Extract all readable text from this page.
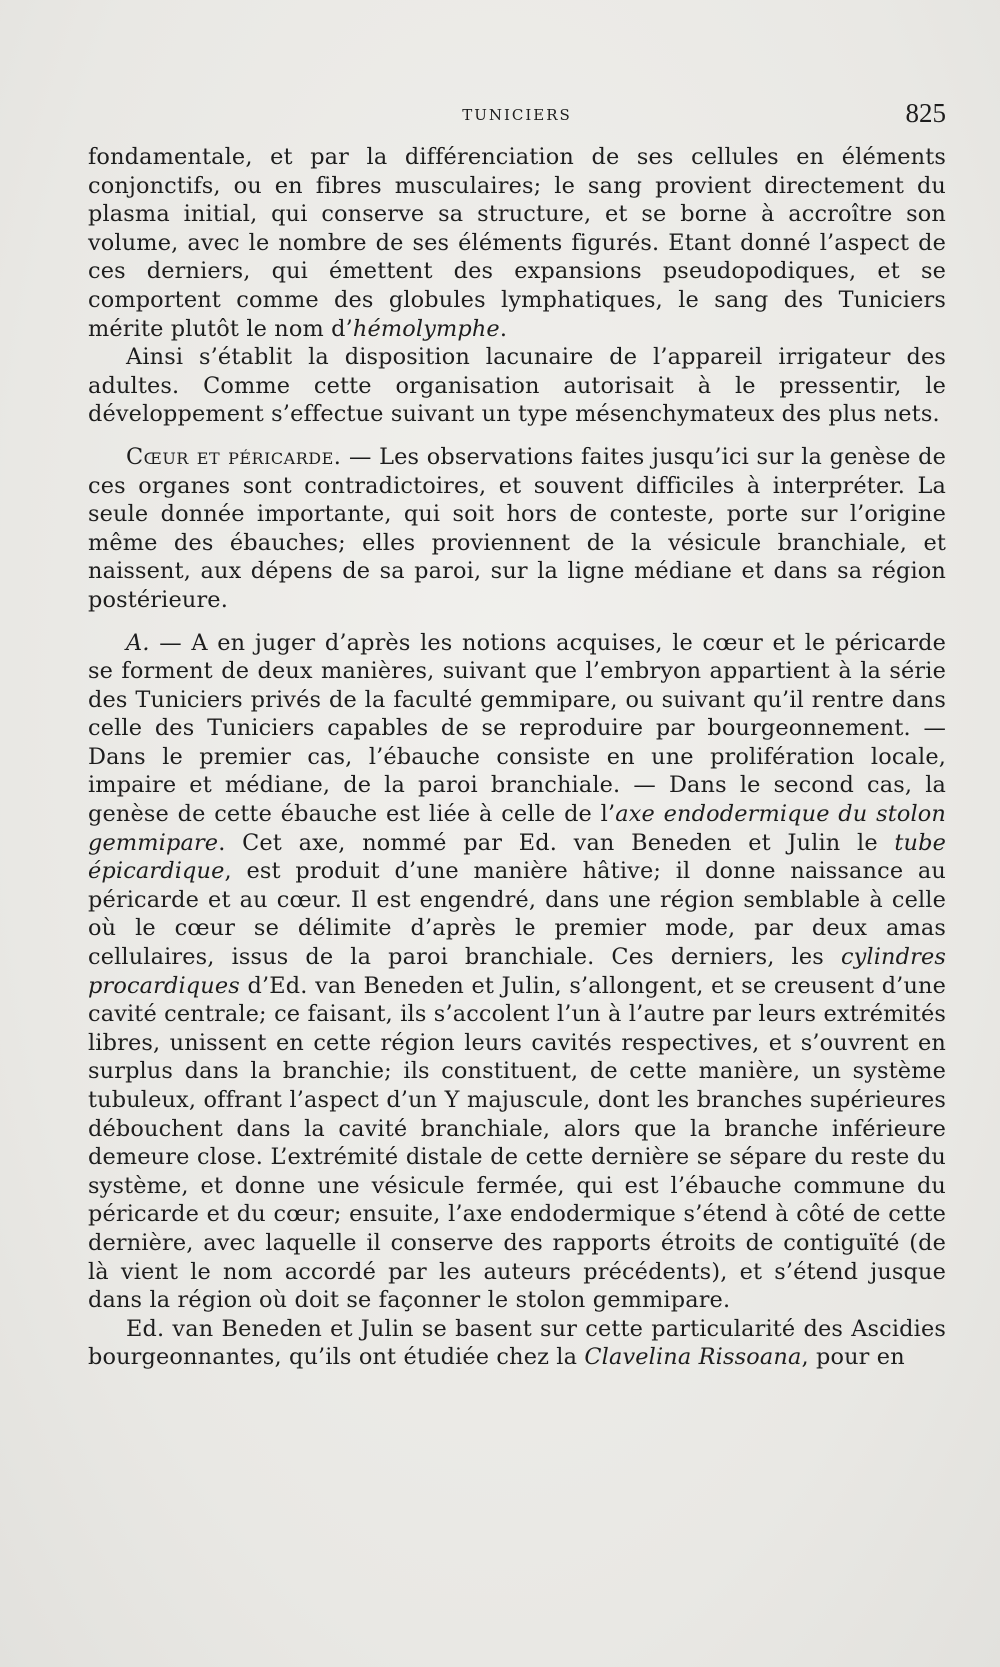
TUNICIERS	825

fondamentale, et par la différenciation de ses cellules en éléments conjonctifs, ou en fibres musculaires; le sang provient directement du plasma initial, qui conserve sa structure, et se borne à accroître son volume, avec le nombre de ses éléments figurés. Etant donné l’aspect de ces derniers, qui émettent des expansions pseudopodiques, et se comportent comme des globules lymphatiques, le sang des Tuniciers mérite plutôt le nom d’hémolymphe.

Ainsi s’établit la disposition lacunaire de l’appareil irrigateur des adultes. Comme cette organisation autorisait à le pressentir, le développement s’effectue suivant un type mésenchymateux des plus nets.

Cœur et péricarde. — Les observations faites jusqu’ici sur la genèse de ces organes sont contradictoires, et souvent difficiles à interpréter. La seule donnée importante, qui soit hors de conteste, porte sur l’origine même des ébauches; elles proviennent de la vésicule branchiale, et naissent, aux dépens de sa paroi, sur la ligne médiane et dans sa région postérieure.

A. — A en juger d’après les notions acquises, le cœur et le péricarde se forment de deux manières, suivant que l’embryon appartient à la série des Tuniciers privés de la faculté gemmipare, ou suivant qu’il rentre dans celle des Tuniciers capables de se reproduire par bourgeonnement. — Dans le premier cas, l’ébauche consiste en une prolifération locale, impaire et médiane, de la paroi branchiale. — Dans le second cas, la genèse de cette ébauche est liée à celle de l’axe endodermique du stolon gemmipare. Cet axe, nommé par Ed. van Beneden et Julin le tube épicardique, est produit d’une manière hâtive; il donne naissance au péricarde et au cœur. Il est engendré, dans une région semblable à celle où le cœur se délimite d’après le premier mode, par deux amas cellulaires, issus de la paroi branchiale. Ces derniers, les cylindres procardiques d’Ed. van Beneden et Julin, s’allongent, et se creusent d’une cavité centrale; ce faisant, ils s’accolent l’un à l’autre par leurs extrémités libres, unissent en cette région leurs cavités respectives, et s’ouvrent en surplus dans la branchie; ils constituent, de cette manière, un système tubuleux, offrant l’aspect d’un Y majuscule, dont les branches supérieures débouchent dans la cavité branchiale, alors que la branche inférieure demeure close. L’extrémité distale de cette dernière se sépare du reste du système, et donne une vésicule fermée, qui est l’ébauche commune du péricarde et du cœur; ensuite, l’axe endodermique s’étend à côté de cette dernière, avec laquelle il conserve des rapports étroits de contiguïté (de là vient le nom accordé par les auteurs précédents), et s’étend jusque dans la région où doit se façonner le stolon gemmipare.

Ed. van Beneden et Julin se basent sur cette particularité des Ascidies bourgeonnantes, qu’ils ont étudiée chez la Clavelina Rissoana, pour en
